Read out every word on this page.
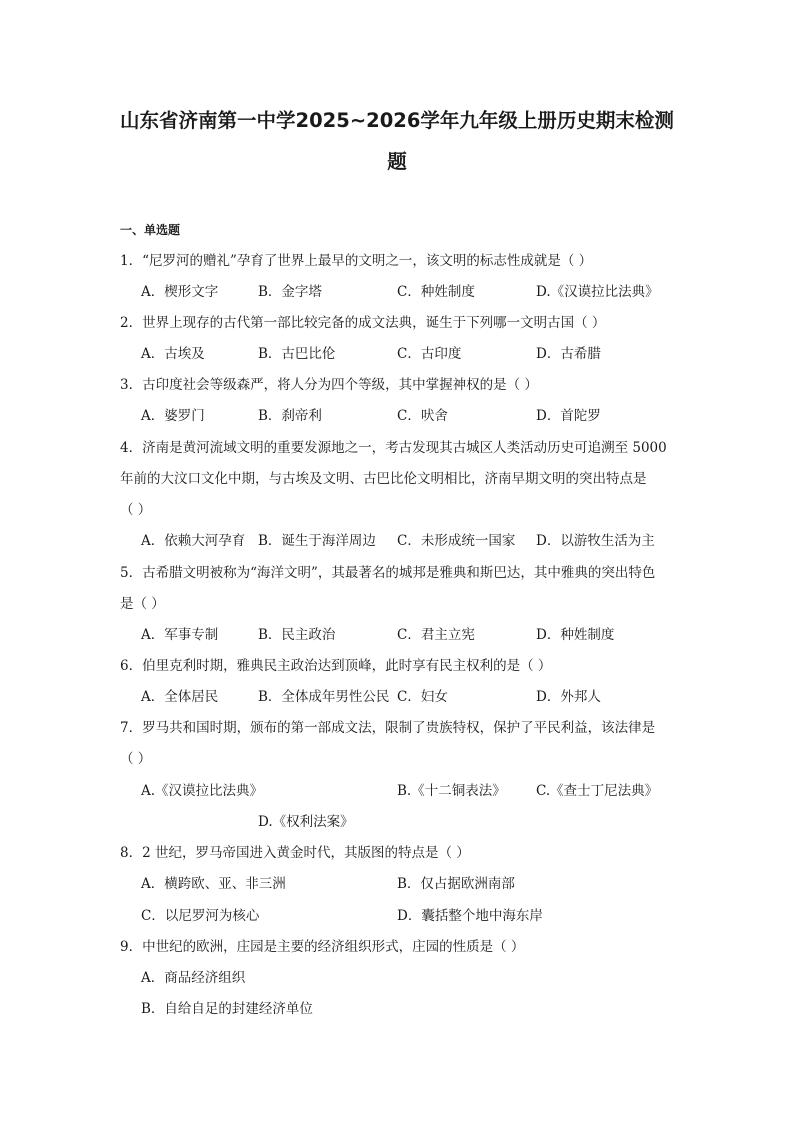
山东省济南第一中学2025~2026学年九年级上册历史期末检测
题
一、单选题
1．“尼罗河的赠礼”孕育了世界上最早的文明之一，该文明的标志性成就是（ ）
A．楔形文字	B．金字塔	C．种姓制度	D.《汉谟拉比法典》
2．世界上现存的古代第一部比较完备的成文法典，诞生于下列哪一文明古国（ ）
A．古埃及	B．古巴比伦	C．古印度	D．古希腊
3．古印度社会等级森严，将人分为四个等级，其中掌握神权的是（ ）
A．婆罗门	B．刹帝利	C．吠舍	D．首陀罗
4．济南是黄河流域文明的重要发源地之一，考古发现其古城区人类活动历史可追溯至 5000
年前的大汶口文化中期，与古埃及文明、古巴比伦文明相比，济南早期文明的突出特点是
（ ）
A．依赖大河孕育 B．诞生于海洋周边 C．未形成统一国家 D．以游牧生活为主
5．古希腊文明被称为“海洋文明”，其最著名的城邦是雅典和斯巴达，其中雅典的突出特色
是（ ）
A．军事专制	B．民主政治	C．君主立宪	D．种姓制度
6．伯里克利时期，雅典民主政治达到顶峰，此时享有民主权利的是（ ）
A．全体居民	B．全体成年男性公民 C．妇女	D．外邦人
7．罗马共和国时期，颁布的第一部成文法，限制了贵族特权，保护了平民利益，该法律是
（ ）
A.《汉谟拉比法典》	B.《十二铜表法》 C.《查士丁尼法典》
D.《权利法案》
8．2 世纪，罗马帝国进入黄金时代，其版图的特点是（ ）
A．横跨欧、亚、非三洲	B．仅占据欧洲南部
C．以尼罗河为核心	D．囊括整个地中海东岸
9．中世纪的欧洲，庄园是主要的经济组织形式，庄园的性质是（ ）
A．商品经济组织
B．自给自足的封建经济单位
